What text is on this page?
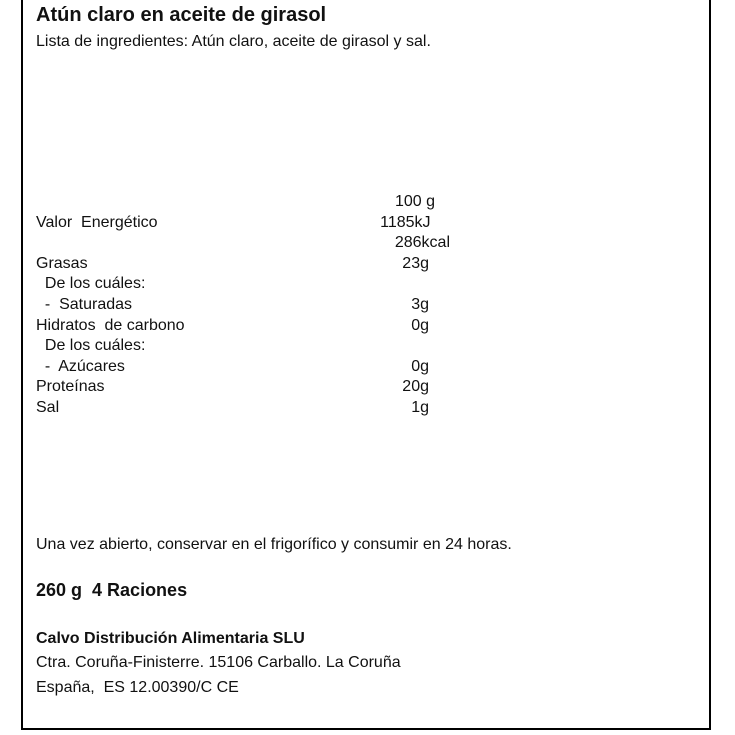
Atún claro en aceite de girasol
Lista de ingredientes: Atún claro, aceite de girasol y sal.
100 g
Valor  Energético	1185kJ
286kcal
Grasas	23g
De los cuáles:
-  Saturadas	3g
Hidratos  de carbono	0g
De los cuáles:
-  Azúcares	0g
Proteínas	20g
Sal	1g
Una vez abierto, conservar en el frigorífico y consumir en 24 horas.
260 g  4 Raciones
Calvo Distribución Alimentaria SLU
Ctra. Coruña-Finisterre. 15106 Carballo. La Coruña
España,  ES 12.00390/C CE
